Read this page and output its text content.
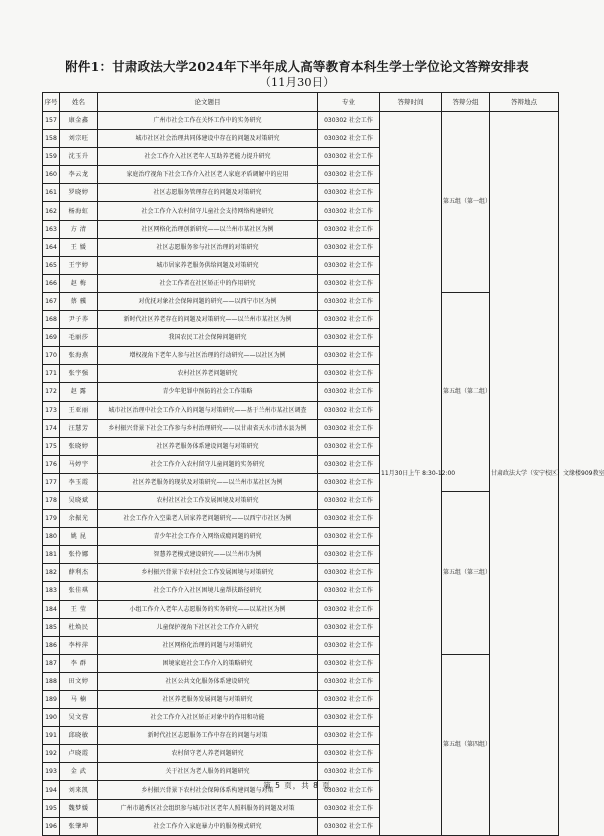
附件1：甘肃政法大学2024年下半年成人高等教育本科生学士学位论文答辩安排表
（11月30日）
序号	姓名	论文题目	专业	答辩时间	答辩分组	答辩地点
157	康金鑫	广州市社会工作在关怀工作中的实务研究	030302 社会工作	11月30日上午 8:30-12:00	第五组（第一组）	甘肃政法大学（安宁校区）文缘楼909教室
158	刘宗旺	城市社区社会治理共同体建设中存在的问题及对策研究	030302 社会工作			
159	沈玉升	社会工作介入社区老年人互助养老能力提升研究	030302 社会工作			
160	李云龙	家庭治疗视角下社会工作介入社区老人家庭矛盾调解中的应用	030302 社会工作			
161	罗晓婷	社区志愿服务管理存在的问题及对策研究	030302 社会工作			
162	杨海虹	社会工作介入农村留守儿童社会支持网络构建研究	030302 社会工作			
163	方 清	社区网格化治理创新研究——以兰州市某社区为例	030302 社会工作			
164	王 媛	社区志愿服务参与社区治理的对策研究	030302 社会工作			
165	王宇婷	城市居家养老服务供给问题及对策研究	030302 社会工作			
166	赵 梅	社会工作者在社区矫正中的作用研究	030302 社会工作			
167	蔡 骥	对优抚对象社会保障问题的研究——以西宁市区为例	030302 社会工作		第五组（第二组）	
168	尹子荞	新时代社区养老存在的问题及对策研究——以兰州市某社区为例	030302 社会工作			
169	毛丽莎	我国农民工社会保障问题研究	030302 社会工作			
170	张海燕	增权视角下老年人参与社区治理的行动研究——以社区为例	030302 社会工作			
171	张宇强	农村社区养老问题研究	030302 社会工作			
172	赵 露	青少年犯罪中预防的社会工作策略	030302 社会工作			
173	王亚丽	城市社区治理中社会工作介入的问题与对策研究——基于兰州市某社区调查	030302 社会工作			
174	汪慧芳	乡村振兴背景下社会工作参与乡村治理研究——以甘肃省天水市清水县为例	030302 社会工作			
175	张晓婷	社区养老服务体系建设问题与对策研究	030302 社会工作			
176	马婷宇	社会工作介入农村留守儿童问题的实务研究	030302 社会工作			
177	李玉霞	社区养老服务的现状及对策研究——以兰州市某社区为例	030302 社会工作			
178	吴晓斌	农村社区社会工作发展困境及对策研究	030302 社会工作		第五组（第三组）	
179	余振光	社会工作介入空巢老人居家养老问题研究——以西宁市社区为例	030302 社会工作			
180	姚 昆	青少年社会工作介入网络成瘾问题的研究	030302 社会工作			
181	张伶娜	智慧养老模式建设研究——以兰州市为例	030302 社会工作			
182	薛利杰	乡村振兴背景下农村社会工作发展困境与对策研究	030302 社会工作			
183	张佳琪	社会工作介入社区困境儿童帮扶路径研究	030302 社会工作			
184	王 莹	小组工作介入老年人志愿服务的实务研究——以某社区为例	030302 社会工作			
185	杜焕民	儿童保护视角下社区社会工作介入研究	030302 社会工作			
186	李梓萍	社区网格化治理的问题与对策研究	030302 社会工作			
187	李 群	困境家庭社会工作介入的策略研究	030302 社会工作		第五组（第四组）	
188	田文婷	社区公共文化服务体系建设研究	030302 社会工作			
189	马 楠	社区养老服务发展问题与对策研究	030302 社会工作			
190	吴文蓉	社会工作介入社区矫正对象中的作用和功能	030302 社会工作			
191	邱晓敏	新时代社区志愿服务工作中存在的问题与对策	030302 社会工作			
192	卢晓霞	农村留守老人养老问题研究	030302 社会工作			
193	金 武	关于社区为老人服务的问题研究	030302 社会工作			
194	刘来凯	乡村振兴背景下农村社会保障体系构建问题与对策	030302 社会工作			
195	魏梦媛	广州市越秀区社会组织参与城市社区老年人照料服务的问题及对策	030302 社会工作			
196	张肇坤	社会工作介入家庭暴力中的服务模式研究	030302 社会工作			
第 5 页，共 8 页
